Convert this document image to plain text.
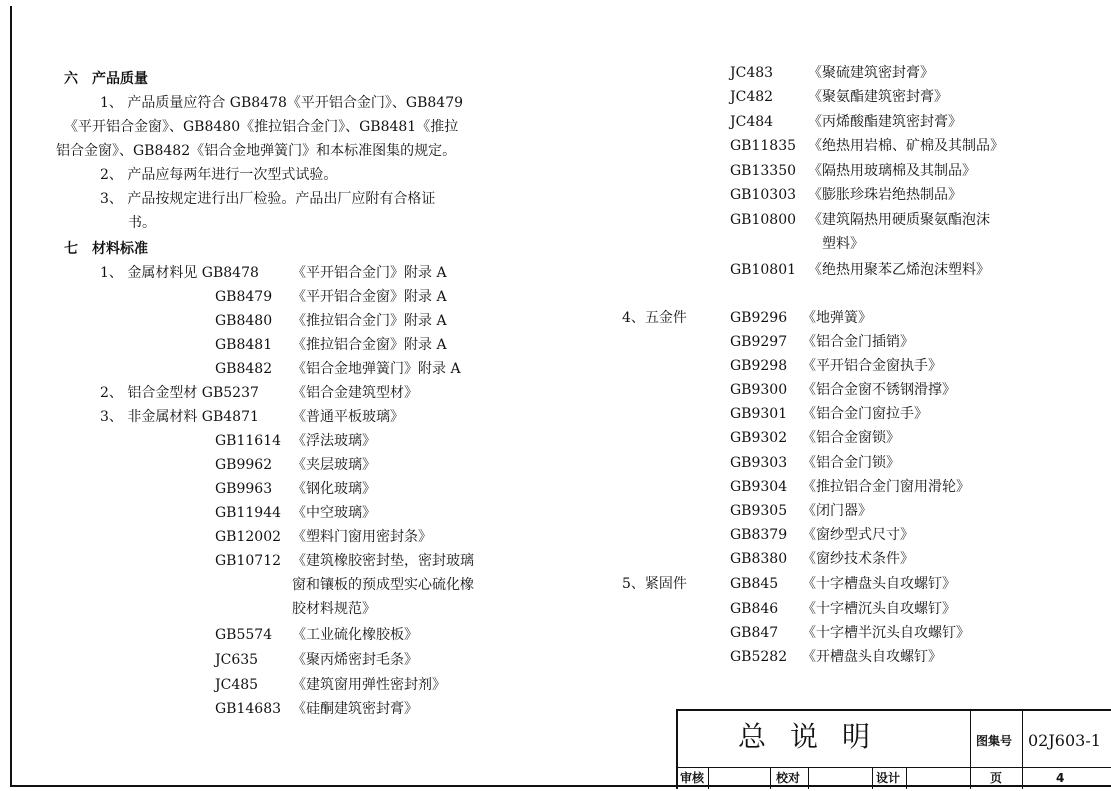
六　产品质量
1、 产品质量应符合 GB8478《平开铝合金门》、GB8479
《平开铝合金窗》、GB8480《推拉铝合金门》、GB8481《推拉
铝合金窗》、GB8482《铝合金地弹簧门》和本标准图集的规定。
2、 产品应每两年进行一次型式试验。
3、 产品按规定进行出厂检验。产品出厂应附有合格证
书。
七　材料标准
1、 金属材料见 GB8478 《平开铝合金门》附录 A
GB8479 《平开铝合金窗》附录 A
GB8480 《推拉铝合金门》附录 A
GB8481 《推拉铝合金窗》附录 A
GB8482 《铝合金地弹簧门》附录 A
2、 铝合金型材 GB5237 《铝合金建筑型材》
3、 非金属材料 GB4871 《普通平板玻璃》
GB11614 《浮法玻璃》
GB9962 《夹层玻璃》
GB9963 《钢化玻璃》
GB11944 《中空玻璃》
GB12002 《塑料门窗用密封条》
GB10712 《建筑橡胶密封垫，密封玻璃
窗和镶板的预成型实心硫化橡
胶材料规范》
GB5574 《工业硫化橡胶板》
JC635 《聚丙烯密封毛条》
JC485 《建筑窗用弹性密封剂》
GB14683 《硅酮建筑密封膏》
JC483 《聚硫建筑密封膏》
JC482 《聚氨酯建筑密封膏》
JC484 《丙烯酸酯建筑密封膏》
GB11835 《绝热用岩棉、矿棉及其制品》
GB13350 《隔热用玻璃棉及其制品》
GB10303 《膨胀珍珠岩绝热制品》
GB10800 《建筑隔热用硬质聚氨酯泡沫
塑料》
GB10801 《绝热用聚苯乙烯泡沫塑料》
4、五金件	GB9296 《地弹簧》
GB9297 《铝合金门插销》
GB9298 《平开铝合金窗执手》
GB9300 《铝合金窗不锈钢滑撑》
GB9301 《铝合金门窗拉手》
GB9302 《铝合金窗锁》
GB9303 《铝合金门锁》
GB9304 《推拉铝合金门窗用滑轮》
GB9305 《闭门器》
GB8379 《窗纱型式尺寸》
GB8380 《窗纱技术条件》
5、紧固件	GB845 《十字槽盘头自攻螺钉》
GB846 《十字槽沉头自攻螺钉》
GB847 《十字槽半沉头自攻螺钉》
GB5282 《开槽盘头自攻螺钉》
总说明	图集号 02J603-1
审核	校对	设计	页	4
